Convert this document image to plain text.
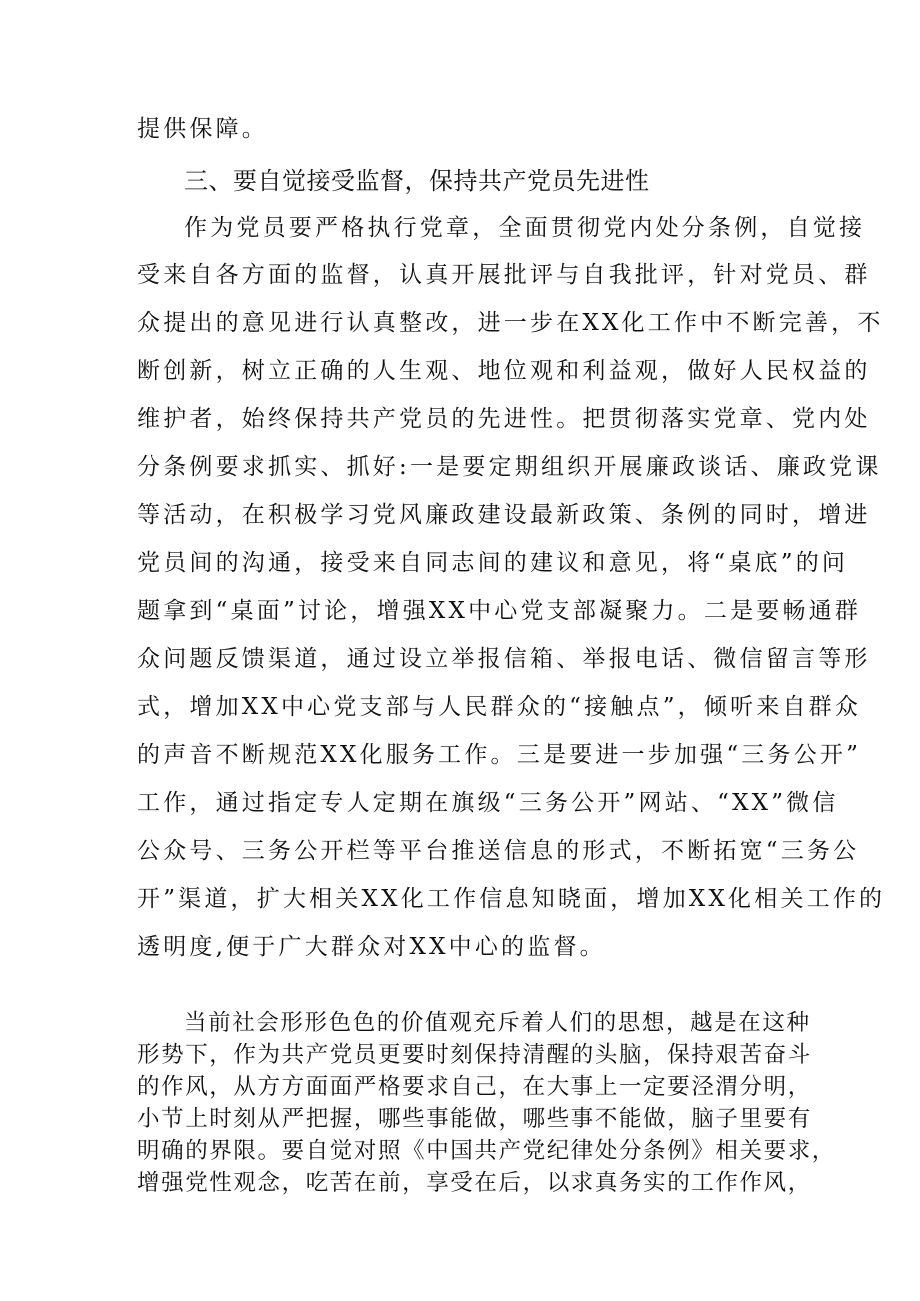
提供保障。
三、要自觉接受监督，保持共产党员先进性
作为党员要严格执行党章，全面贯彻党内处分条例，自觉接
受来自各方面的监督，认真开展批评与自我批评，针对党员、群
众提出的意见进行认真整改，进一步在XX化工作中不断完善，不
断创新，树立正确的人生观、地位观和利益观，做好人民权益的
维护者，始终保持共产党员的先进性。把贯彻落实党章、党内处
分条例要求抓实、抓好:一是要定期组织开展廉政谈话、廉政党课
等活动，在积极学习党风廉政建设最新政策、条例的同时，增进
党员间的沟通，接受来自同志间的建议和意见，将“桌底”的问
题拿到“桌面”讨论，增强XX中心党支部凝聚力。二是要畅通群
众问题反馈渠道，通过设立举报信箱、举报电话、微信留言等形
式，增加XX中心党支部与人民群众的“接触点”，倾听来自群众
的声音不断规范XX化服务工作。三是要进一步加强“三务公开”
工作，通过指定专人定期在旗级“三务公开”网站、“XX”微信
公众号、三务公开栏等平台推送信息的形式，不断拓宽“三务公
开”渠道，扩大相关XX化工作信息知晓面，增加XX化相关工作的
透明度,便于广大群众对XX中心的监督。
当前社会形形色色的价值观充斥着人们的思想，越是在这种
形势下，作为共产党员更要时刻保持清醒的头脑，保持艰苦奋斗
的作风，从方方面面严格要求自己，在大事上一定要泾渭分明，
小节上时刻从严把握，哪些事能做，哪些事不能做，脑子里要有
明确的界限。要自觉对照《中国共产党纪律处分条例》相关要求，
增强党性观念，吃苦在前，享受在后，以求真务实的工作作风，
